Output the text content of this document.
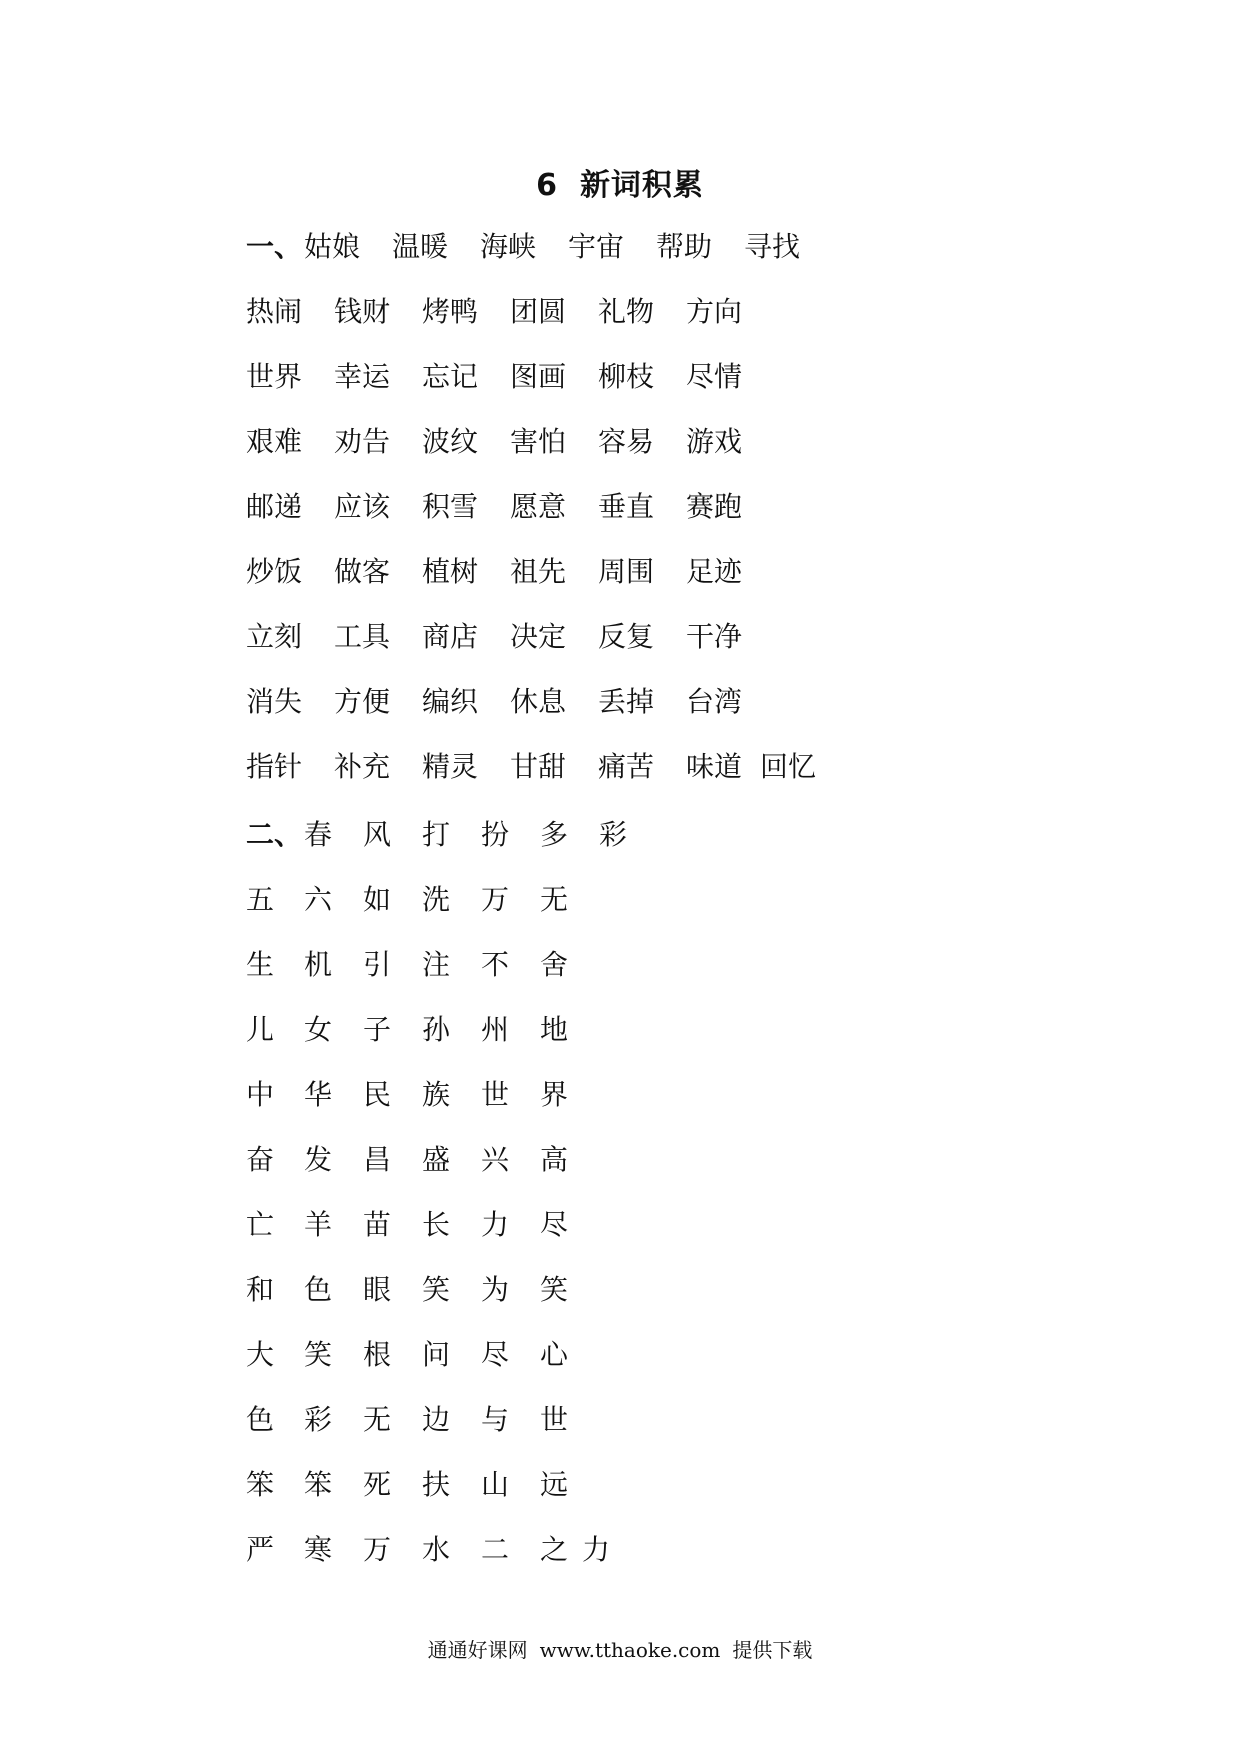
6 新词积累
一、 姑娘 温暖 海峡 宇宙 帮助 寻找
热闹 钱财 烤鸭 团圆 礼物 方向
世界 幸运 忘记 图画 柳枝 尽情
艰难 劝告 波纹 害怕 容易 游戏
邮递 应该 积雪 愿意 垂直 赛跑
炒饭 做客 植树 祖先 周围 足迹
立刻 工具 商店 决定 反复 干净
消失 方便 编织 休息 丢掉 台湾
指针 补充 精灵 甘甜 痛苦 味道 回忆
二、 春 风 打 扮 多 彩
五 六 如 洗 万 无
生 机 引 注 不 舍
儿 女 子 孙 州 地
中 华 民 族 世 界
奋 发 昌 盛 兴 高
亡 羊 苗 长 力 尽
和 色 眼 笑 为 笑
大 笑 根 问 尽 心
色 彩 无 边 与 世
笨 笨 死 扶 山 远
严 寒 万 水 二 之 力
通通好课网 www.tthaoke.com 提供下载
